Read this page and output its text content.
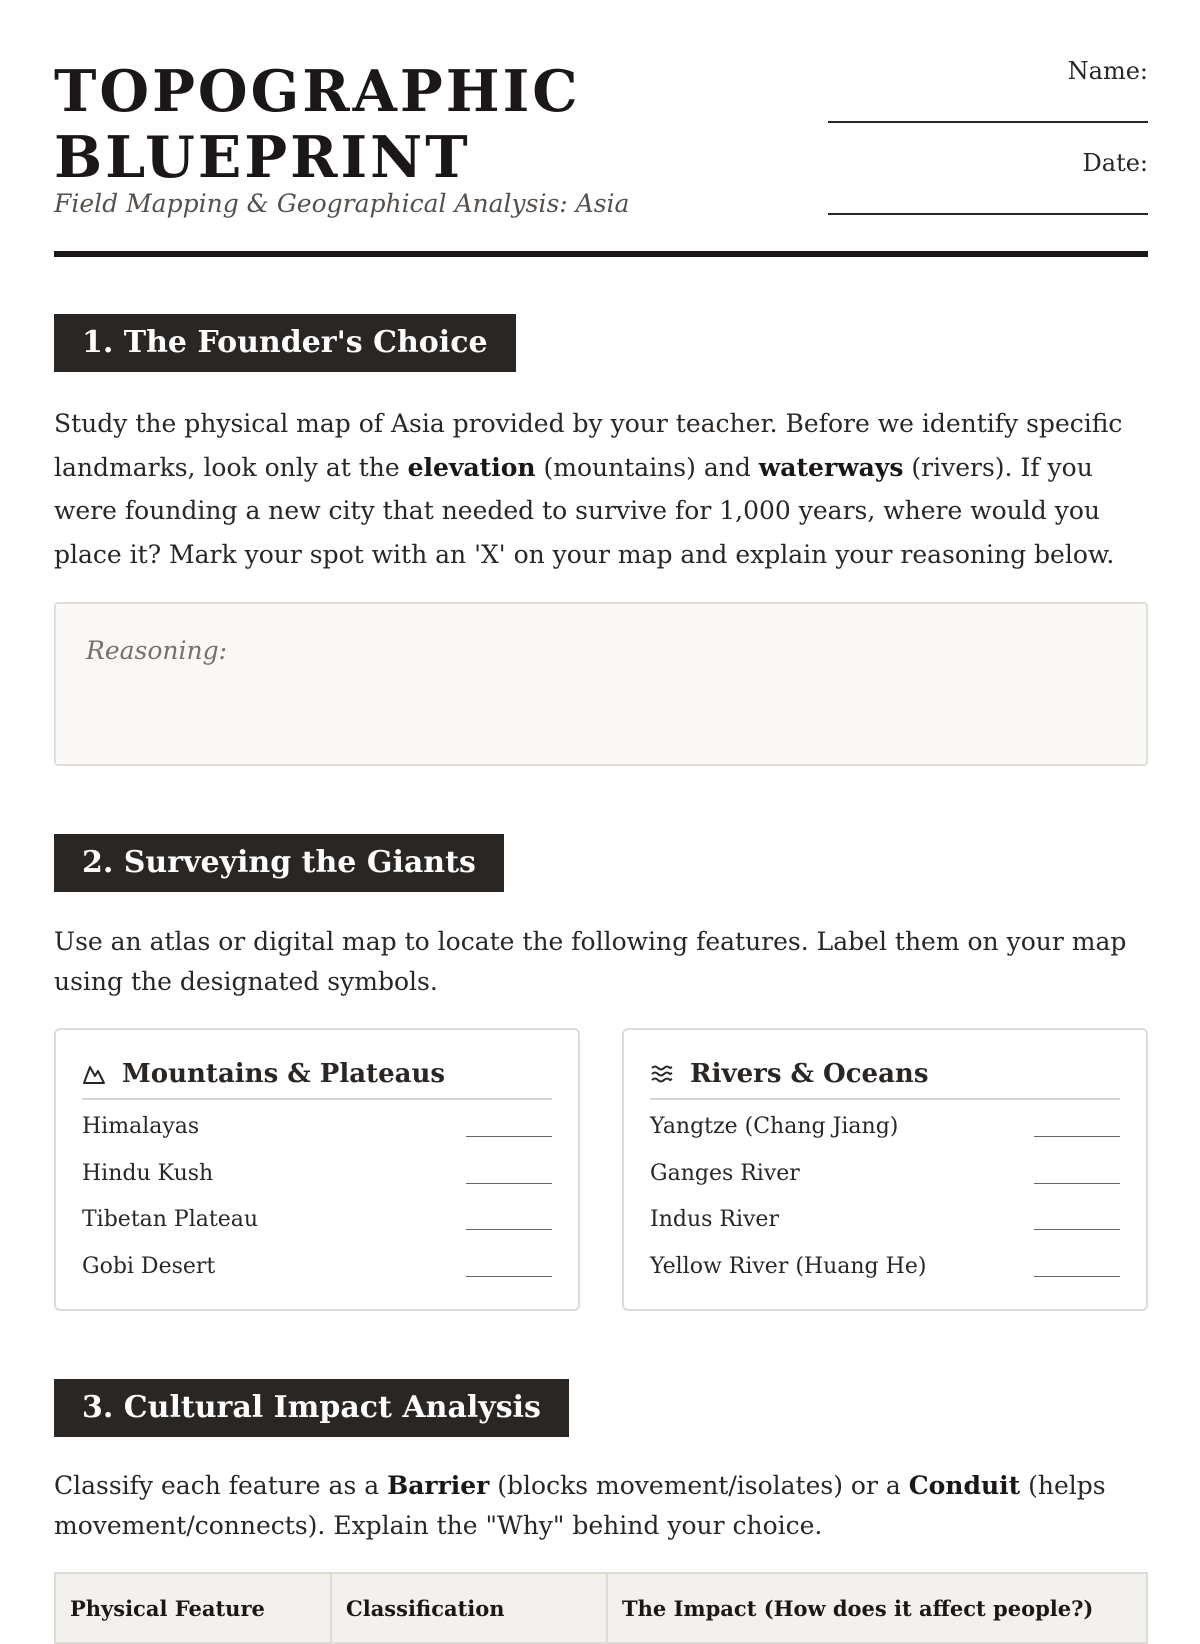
TOPOGRAPHIC
BLUEPRINT
Field Mapping & Geographical Analysis: Asia
Name:
Date:
1. The Founder's Choice

Study the physical map of Asia provided by your teacher. Before we identify specific landmarks, look only at the elevation (mountains) and waterways (rivers). If you were founding a new city that needed to survive for 1,000 years, where would you place it? Mark your spot with an 'X' on your map and explain your reasoning below.

Reasoning:
2. Surveying the Giants

Use an atlas or digital map to locate the following features. Label them on your map using the designated symbols.

Mountains & Plateaus
Himalayas
Hindu Kush
Tibetan Plateau
Gobi Desert
Rivers & Oceans
Yangtze (Chang Jiang)
Ganges River
Indus River
Yellow River (Huang He)
3. Cultural Impact Analysis

Classify each feature as a Barrier (blocks movement/isolates) or a Conduit (helps movement/connects). Explain the "Why" behind your choice.

Physical Feature	Classification	The Impact (How does it affect people?)
